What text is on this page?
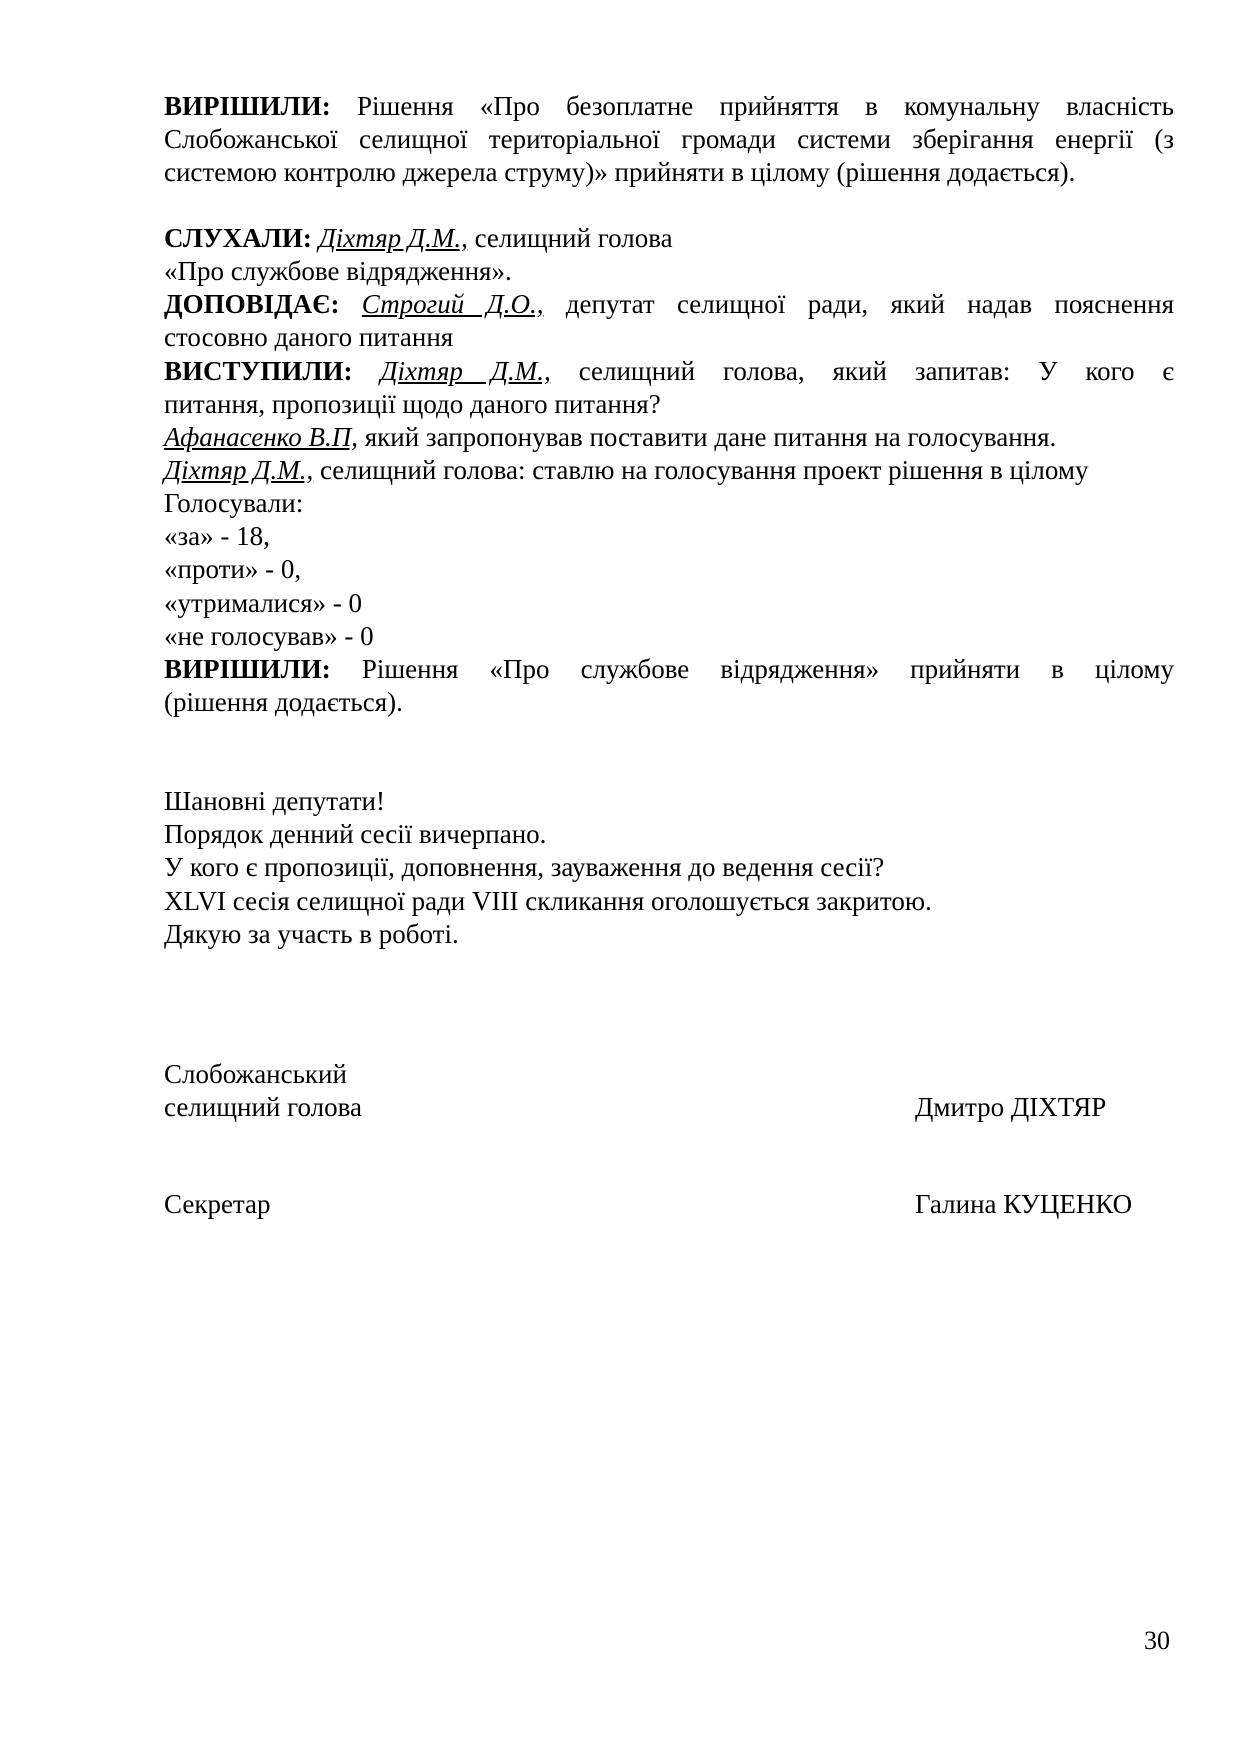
ВИРІШИЛИ: Рішення «Про безоплатне прийняття в комунальну власність
Слобожанської селищної територіальної громади системи зберігання енергії (з
системою контролю джерела струму)» прийняти в цілому (рішення додається).
СЛУХАЛИ: Діхтяр Д.М., селищний голова
«Про службове відрядження».
ДОПОВІДАЄ: Строгий Д.О., депутат селищної ради, який надав пояснення
стосовно даного питання
ВИСТУПИЛИ: Діхтяр Д.М., селищний голова, який запитав: У кого є
питання, пропозиції щодо даного питання?
Афанасенко В.П, який запропонував поставити дане питання на голосування.
Діхтяр Д.М., селищний голова: ставлю на голосування проект рішення в цілому
Голосували:
«за» - 18,
«проти» - 0,
«утрималися» - 0
«не голосував» - 0
ВИРІШИЛИ: Рішення «Про службове відрядження» прийняти в цілому
(рішення додається).
Шановні депутати!
Порядок денний сесії вичерпано.
У кого є пропозиції, доповнення, зауваження до ведення сесії?
XLVI сесія селищної ради VIII скликання оголошується закритою.
Дякую за участь в роботі.
Слобожанський
селищний голова	Дмитро ДІХТЯР
Секретар	Галина КУЦЕНКО
30
